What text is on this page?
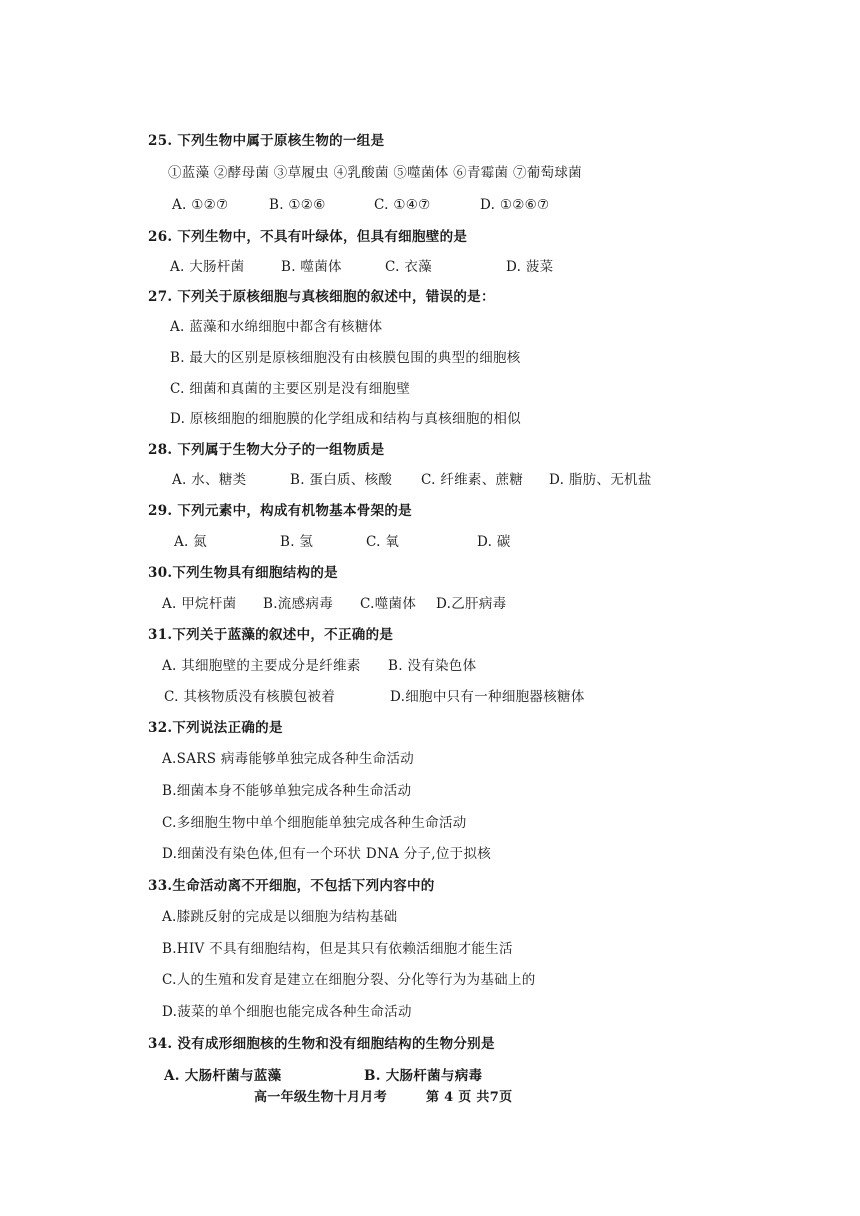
25. 下列生物中属于原核生物的一组是
①蓝藻 ②酵母菌 ③草履虫 ④乳酸菌 ⑤噬菌体 ⑥青霉菌 ⑦葡萄球菌
A. ①②⑦	B. ①②⑥	C. ①④⑦	D. ①②⑥⑦
26. 下列生物中，不具有叶绿体，但具有细胞壁的是
A. 大肠杆菌	B. 噬菌体	C. 衣藻	D. 菠菜
27. 下列关于原核细胞与真核细胞的叙述中，错误的是：
A. 蓝藻和水绵细胞中都含有核糖体
B. 最大的区别是原核细胞没有由核膜包围的典型的细胞核
C. 细菌和真菌的主要区别是没有细胞壁
D. 原核细胞的细胞膜的化学组成和结构与真核细胞的相似
28. 下列属于生物大分子的一组物质是
A. 水、糖类	B. 蛋白质、核酸 C. 纤维素、蔗糖 D. 脂肪、无机盐
29. 下列元素中，构成有机物基本骨架的是
A. 氮	B. 氢	C. 氧	D. 碳
30.下列生物具有细胞结构的是
A. 甲烷杆菌 B.流感病毒 C.噬菌体 D.乙肝病毒
31.下列关于蓝藻的叙述中，不正确的是
A. 其细胞壁的主要成分是纤维素 B. 没有染色体
C. 其核物质没有核膜包被着	D.细胞中只有一种细胞器核糖体
32.下列说法正确的是
A.SARS 病毒能够单独完成各种生命活动
B.细菌本身不能够单独完成各种生命活动
C.多细胞生物中单个细胞能单独完成各种生命活动
D.细菌没有染色体,但有一个环状 DNA 分子,位于拟核
33.生命活动离不开细胞，不包括下列内容中的
A.膝跳反射的完成是以细胞为结构基础
B.HIV 不具有细胞结构，但是其只有依赖活细胞才能生活
C.人的生殖和发育是建立在细胞分裂、分化等行为为基础上的
D.菠菜的单个细胞也能完成各种生命活动
34. 没有成形细胞核的生物和没有细胞结构的生物分别是
A. 大肠杆菌与蓝藻	B. 大肠杆菌与病毒
高一年级生物十月月考	第 4 页 共7页
